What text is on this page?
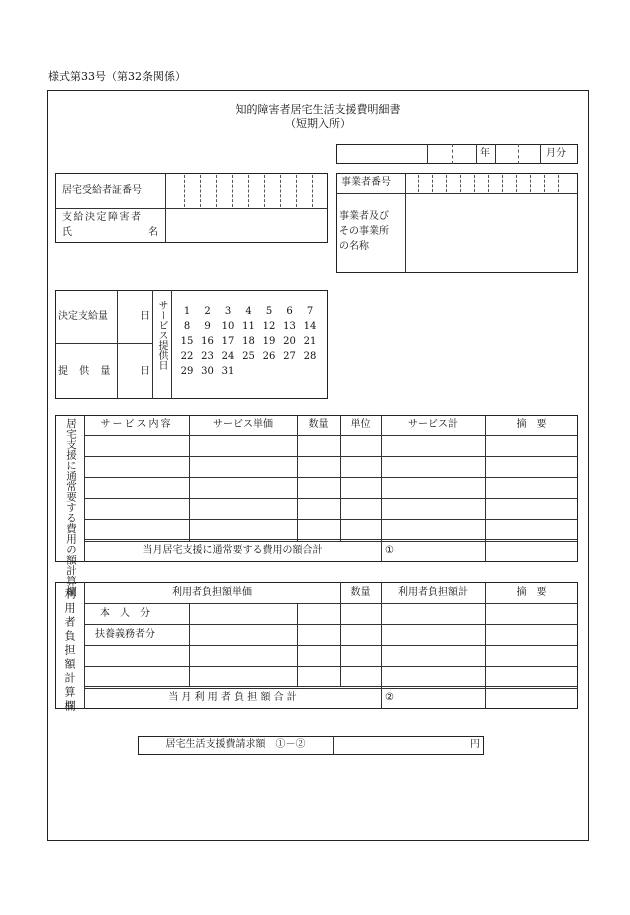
様式第33号（第32条関係）
知的障害者居宅生活支援費明細書
（短期入所）
年	月分
居宅受給者証番号
支給決定障害者
氏	名
事業者番号
事業者及び
その事業所
の名称
決定支給量	日
提 供 量	日
サービス提供日	1	2	3	4	5	6	7
8	9	10 11 12 13 14
15 16 17 18 19 20 21
22 23 24 25 26 27 28
29 30 31
居宅支援に通常要する費用の額計算欄	サービス内容	サービス単価	数量	単位	サービス計	摘　要
当月居宅支援に通常要する費用の額合計	①
利用者負担額計算欄	利用者負担額単価	数量	利用者負担額計	摘　要
本　人　分
扶養義務者分
当 月 利 用 者 負 担 額 合 計	②
居宅生活支援費請求額　①－②	円
